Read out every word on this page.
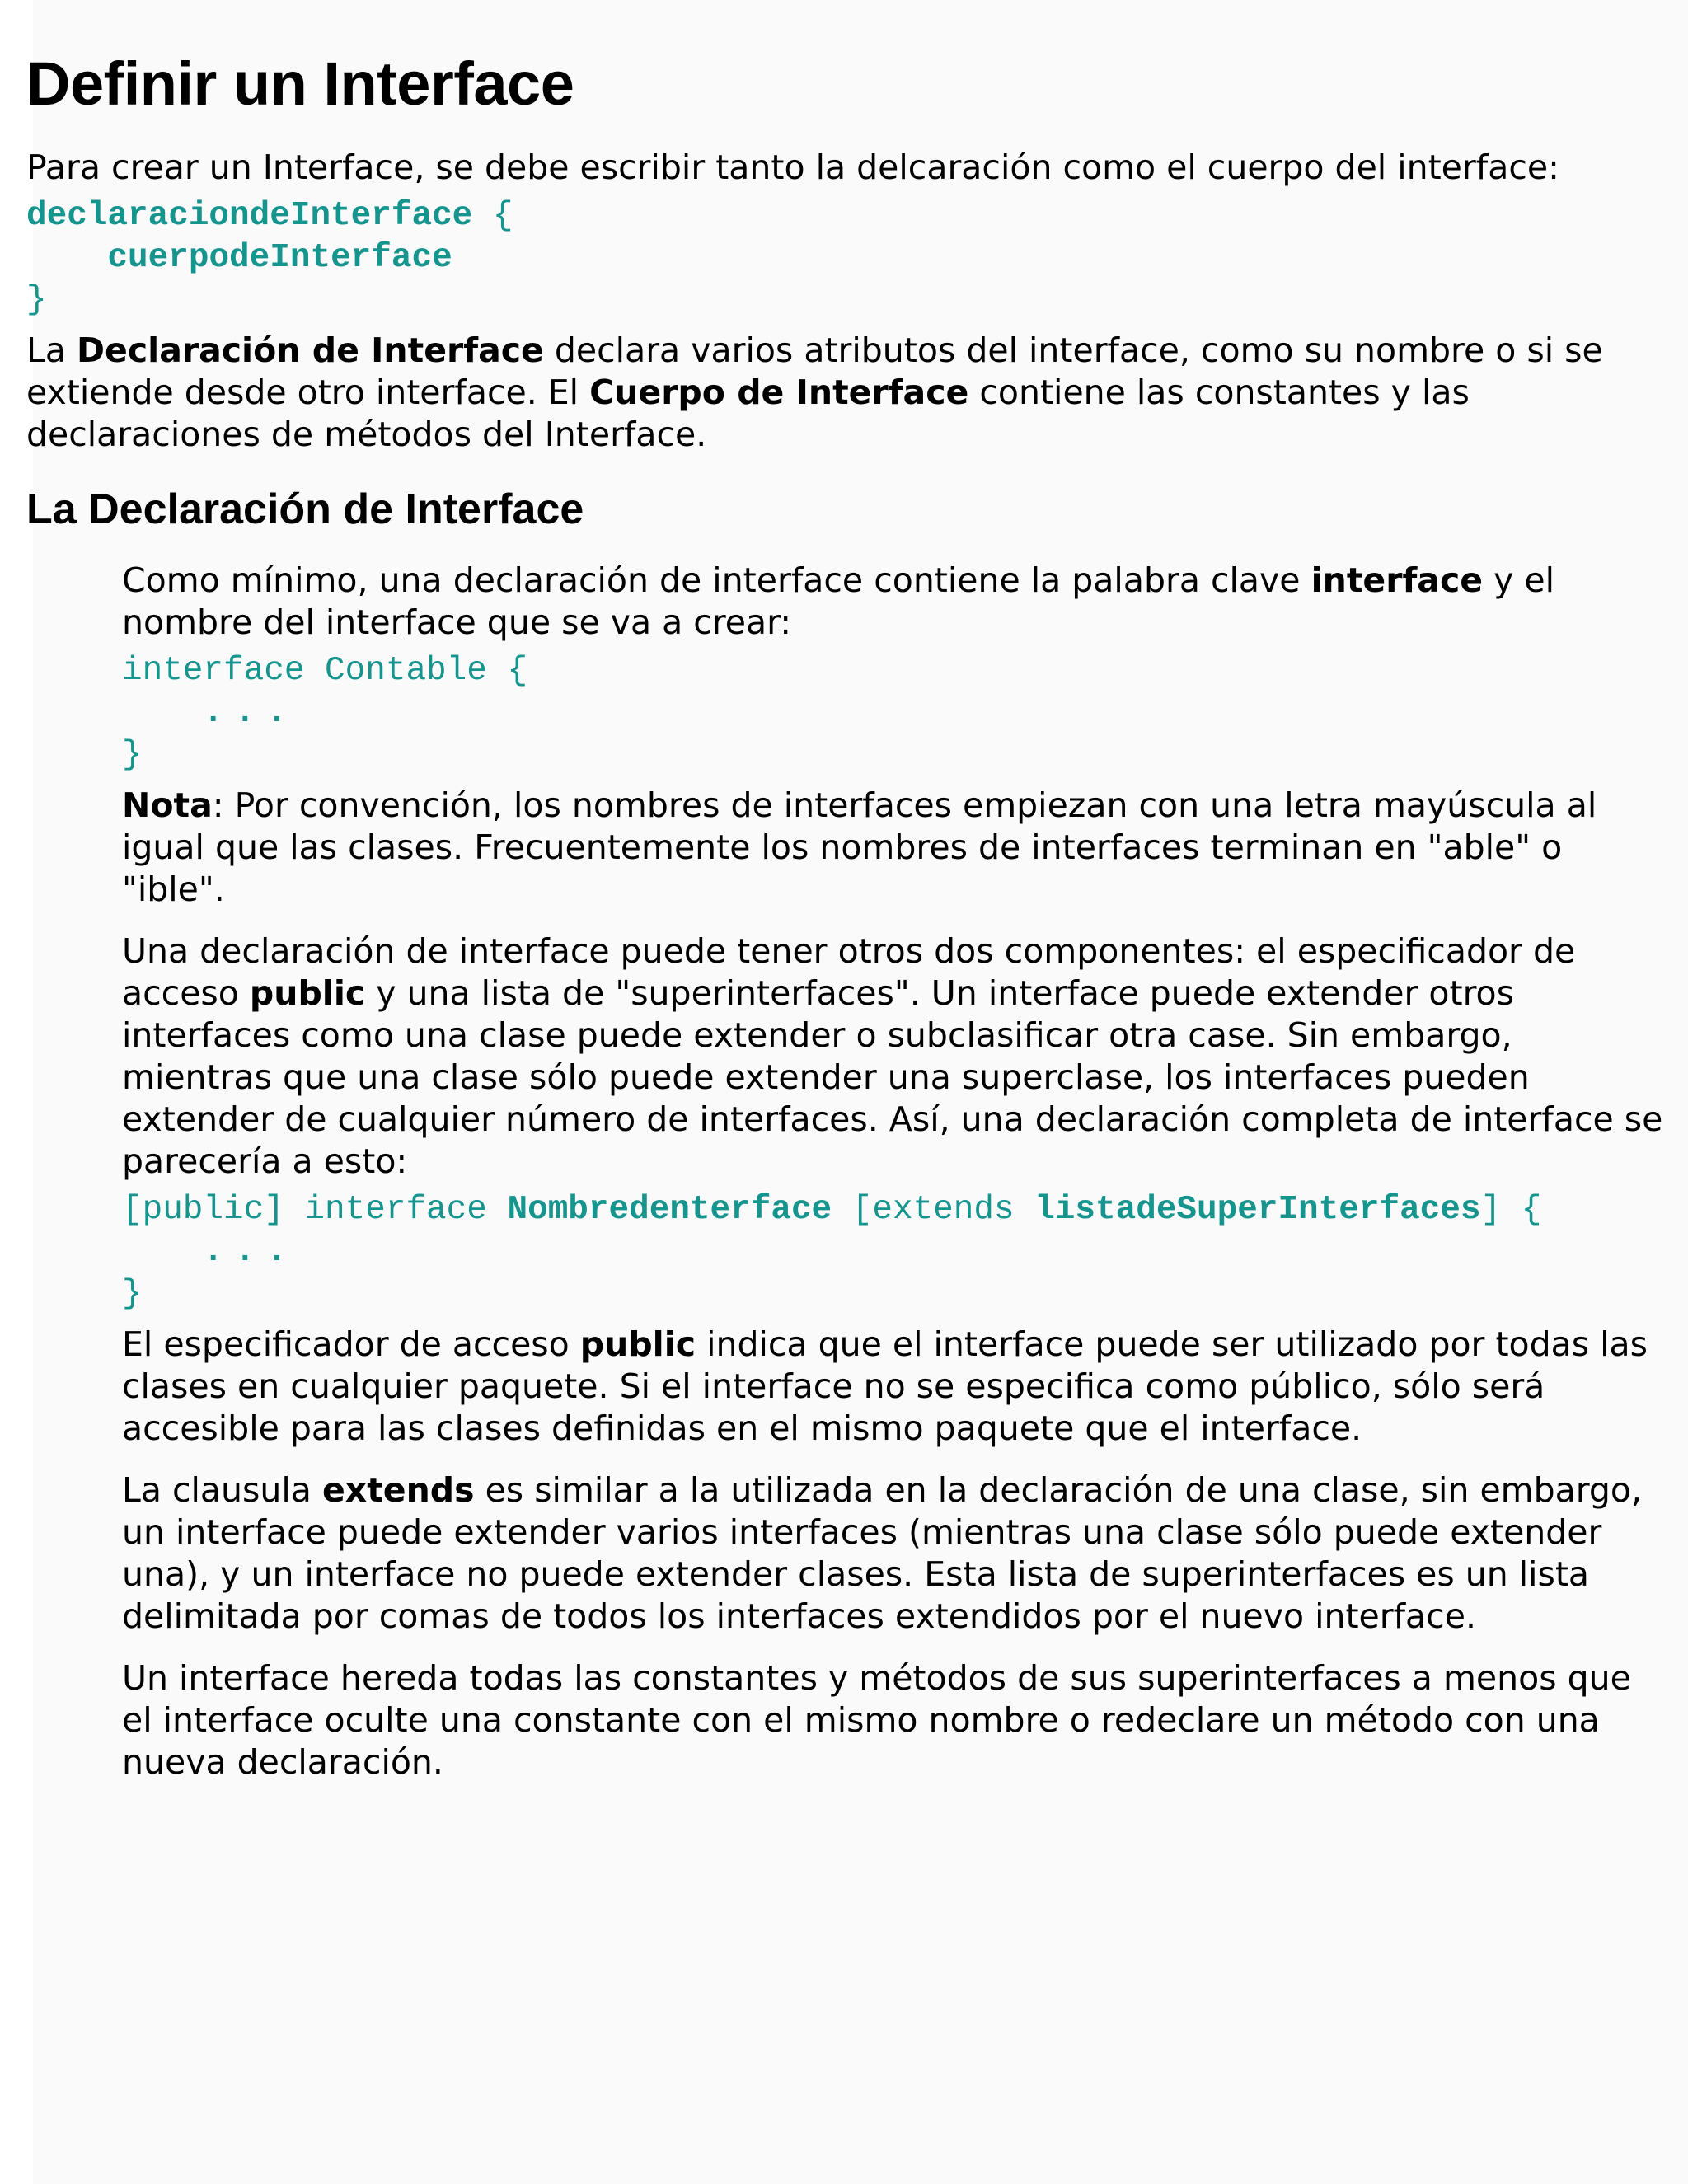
Definir un Interface

Para crear un Interface, se debe escribir tanto la delcaración como el cuerpo del interface:

declaraciondeInterface {
cuerpodeInterface
}

La Declaración de Interface declara varios atributos del interface, como su nombre o si se extiende desde otro interface. El Cuerpo de Interface contiene las constantes y las declaraciones de métodos del Interface.

La Declaración de Interface

Como mínimo, una declaración de interface contiene la palabra clave interface y el nombre del interface que se va a crear:

interface Contable {
...
}

Nota: Por convención, los nombres de interfaces empiezan con una letra mayúscula al igual que las clases. Frecuentemente los nombres de interfaces terminan en "able" o "ible".

Una declaración de interface puede tener otros dos componentes: el especificador de acceso public y una lista de "superinterfaces". Un interface puede extender otros interfaces como una clase puede extender o subclasificar otra case. Sin embargo, mientras que una clase sólo puede extender una superclase, los interfaces pueden extender de cualquier número de interfaces. Así, una declaración completa de interface se parecería a esto:

[public] interface Nombredenterface [extends listadeSuperInterfaces] {
...
}

El especificador de acceso public indica que el interface puede ser utilizado por todas las clases en cualquier paquete. Si el interface no se especifica como público, sólo será accesible para las clases definidas en el mismo paquete que el interface.

La clausula extends es similar a la utilizada en la declaración de una clase, sin embargo, un interface puede extender varios interfaces (mientras una clase sólo puede extender una), y un interface no puede extender clases. Esta lista de superinterfaces es un lista delimitada por comas de todos los interfaces extendidos por el nuevo interface.

Un interface hereda todas las constantes y métodos de sus superinterfaces a menos que el interface oculte una constante con el mismo nombre o redeclare un método con una nueva declaración.
